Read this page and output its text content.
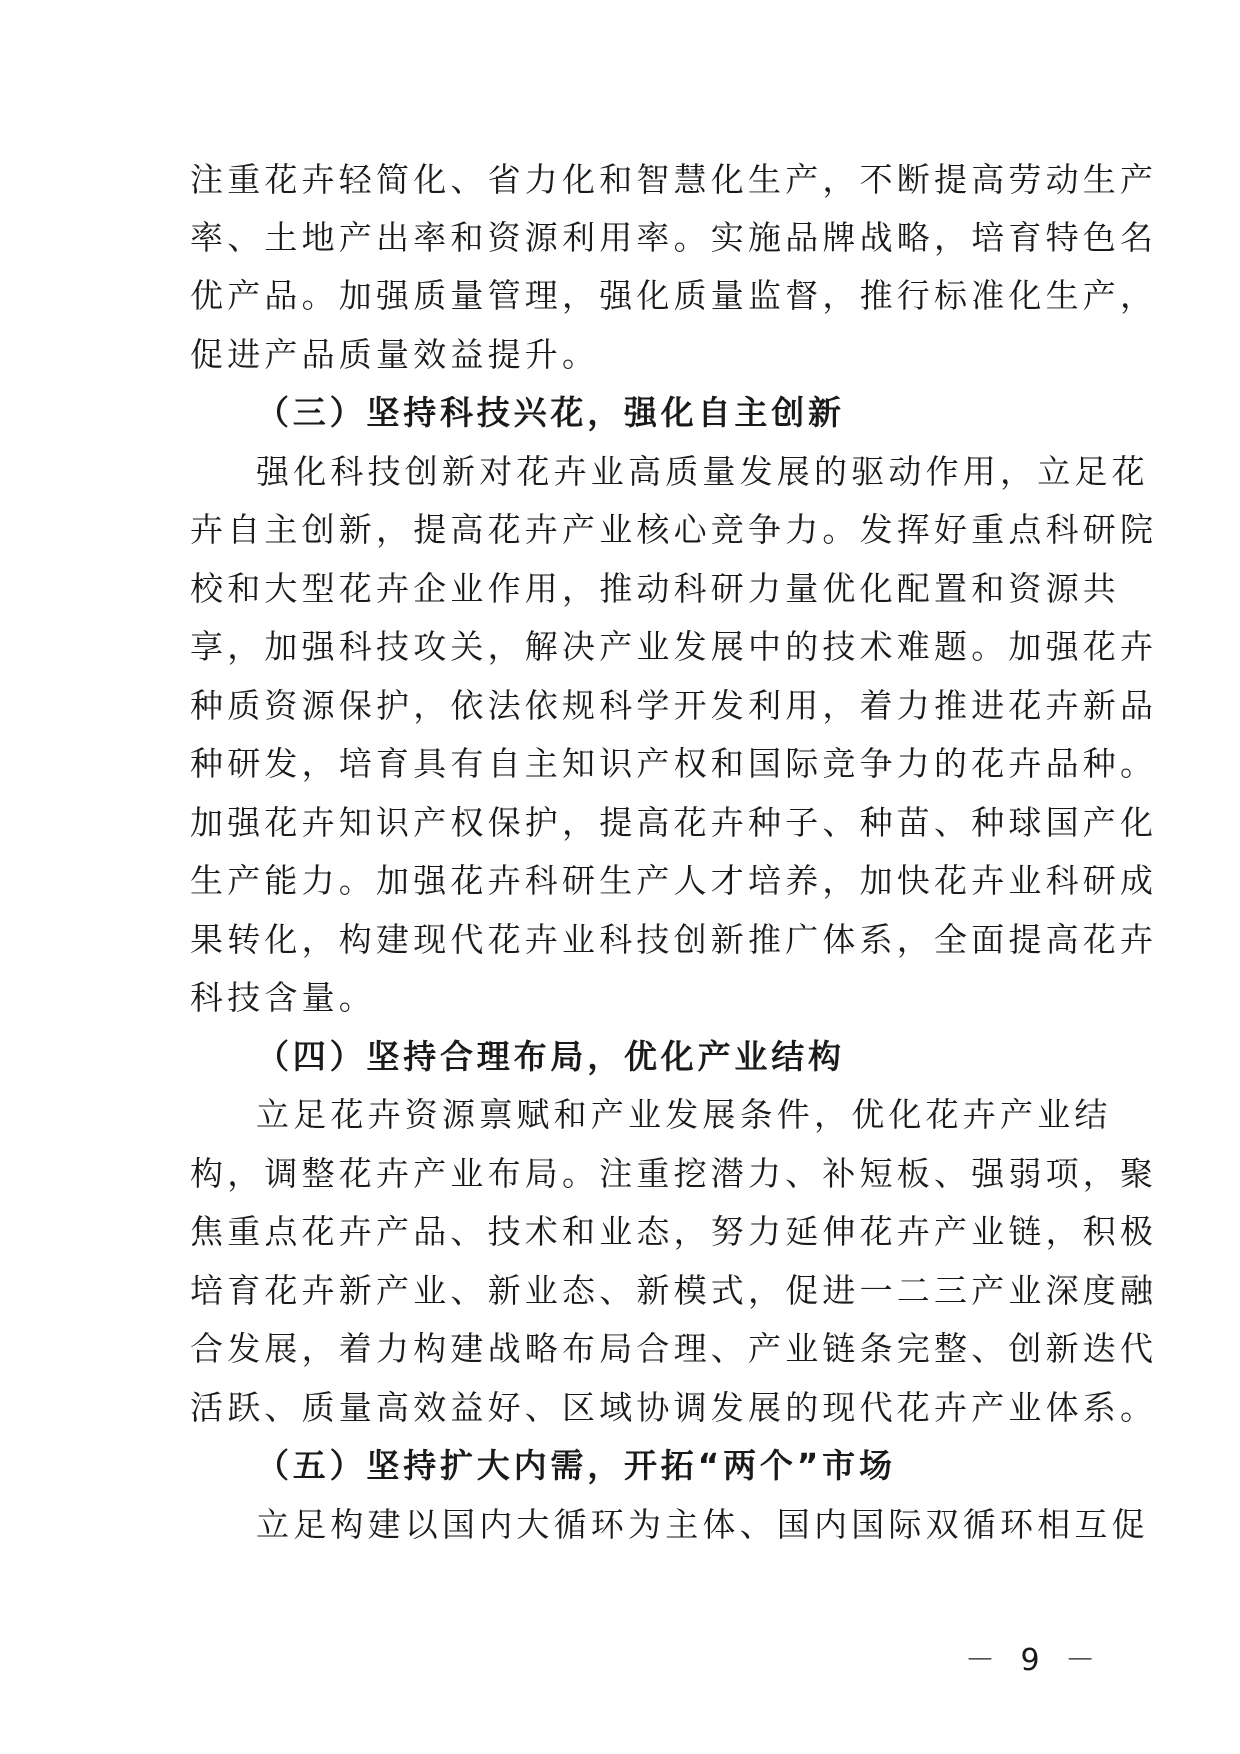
注重花卉轻简化、省力化和智慧化生产，不断提高劳动生产
率、土地产出率和资源利用率。实施品牌战略，培育特色名
优产品。加强质量管理，强化质量监督，推行标准化生产，
促进产品质量效益提升。
（三）坚持科技兴花，强化自主创新
强化科技创新对花卉业高质量发展的驱动作用，立足花
卉自主创新，提高花卉产业核心竞争力。发挥好重点科研院
校和大型花卉企业作用，推动科研力量优化配置和资源共
享，加强科技攻关，解决产业发展中的技术难题。加强花卉
种质资源保护，依法依规科学开发利用，着力推进花卉新品
种研发，培育具有自主知识产权和国际竞争力的花卉品种。
加强花卉知识产权保护，提高花卉种子、种苗、种球国产化
生产能力。加强花卉科研生产人才培养，加快花卉业科研成
果转化，构建现代花卉业科技创新推广体系，全面提高花卉
科技含量。
（四）坚持合理布局，优化产业结构
立足花卉资源禀赋和产业发展条件，优化花卉产业结
构，调整花卉产业布局。注重挖潜力、补短板、强弱项，聚
焦重点花卉产品、技术和业态，努力延伸花卉产业链，积极
培育花卉新产业、新业态、新模式，促进一二三产业深度融
合发展，着力构建战略布局合理、产业链条完整、创新迭代
活跃、质量高效益好、区域协调发展的现代花卉产业体系。
（五）坚持扩大内需，开拓“两个”市场
立足构建以国内大循环为主体、国内国际双循环相互促
－ 9 －
